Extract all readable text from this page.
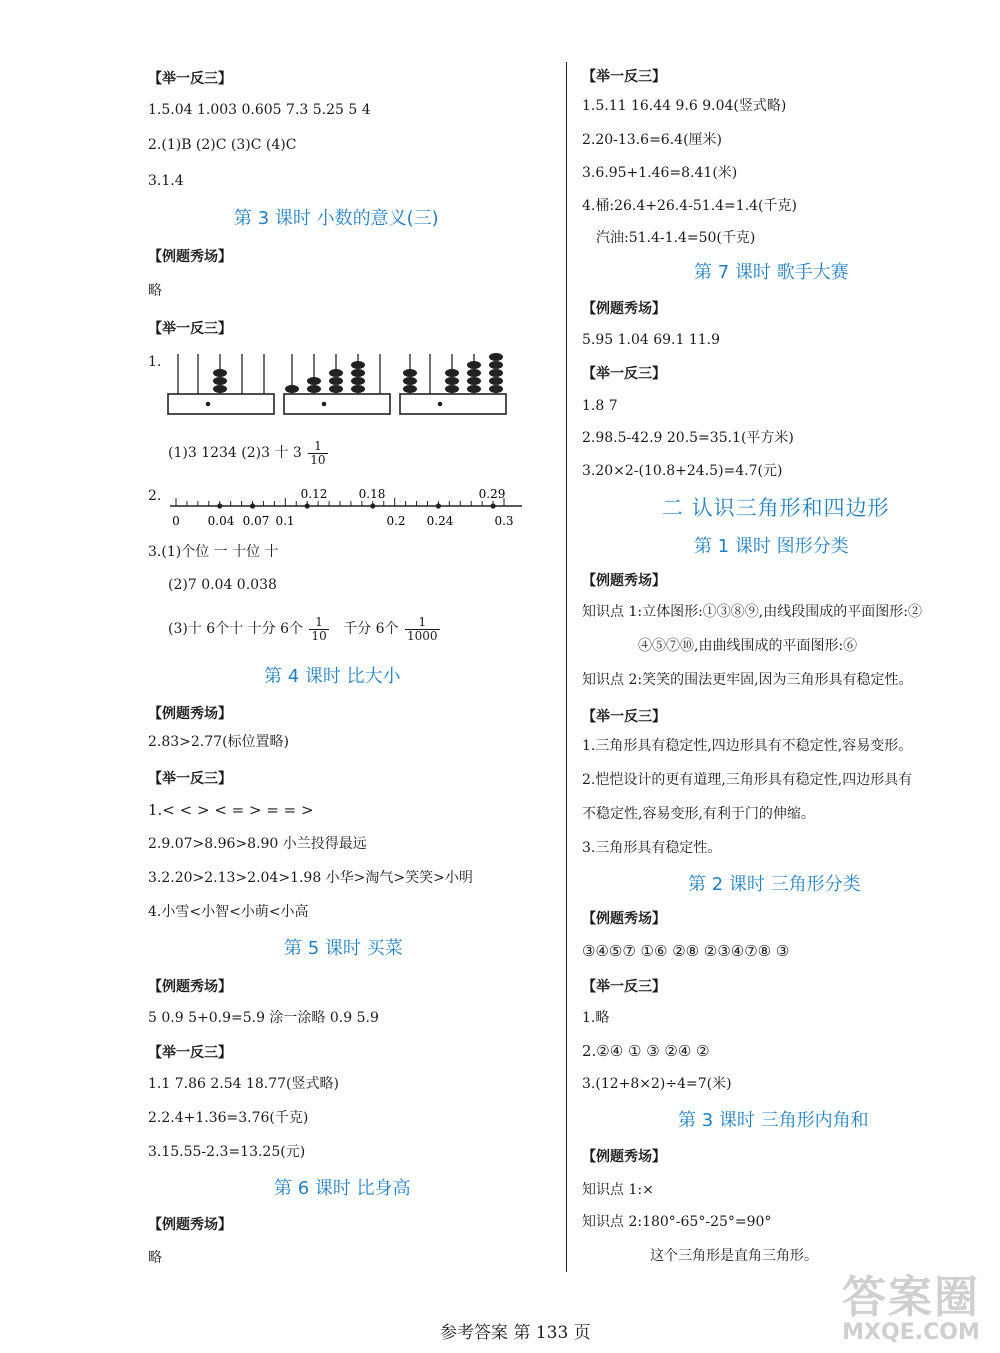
【举一反三】
1.5.04 1.003 0.605 7.3 5.25 5 4
2.(1)B (2)C (3)C (4)C
3.1.4
第 3 课时 小数的意义(三)
【例题秀场】
略
【举一反三】
1.
(1)3 1234 (2)3 十 $3 \frac{1}{10}$
2.
0 0.04 0.07 0.1	0.2 0.24	0.3
0.12	0.18	0.29
3.(1)个位 一 十位 十
(2)7 0.04 0.038
(3)十 6个十 十分 6个 $\frac{1}{10}$ 千分 6个 $\frac{1}{1000}$
第 4 课时 比大小
【例题秀场】
2.83>2.77(标位置略)
【举一反三】
1.< < > < = > = = >
2.9.07>8.96>8.90 小兰投得最远
3.2.20>2.13>2.04>1.98 小华>淘气>笑笑>小明
4.小雪<小智<小萌<小高
第 5 课时 买菜
【例题秀场】
5 0.9 5+0.9=5.9 涂一涂略 0.9 5.9
【举一反三】
1.1 7.86 2.54 18.77(竖式略)
2.2.4+1.36=3.76(千克)
3.15.55-2.3=13.25(元)
第 6 课时 比身高
【例题秀场】
略
【举一反三】
1.5.11 16.44 9.6 9.04(竖式略)
2.20-13.6=6.4(厘米)
3.6.95+1.46=8.41(米)
4.桶:26.4+26.4-51.4=1.4(千克)
汽油:51.4-1.4=50(千克)
第 7 课时 歌手大赛
【例题秀场】
5.95 1.04 69.1 11.9
【举一反三】
1.8 7
2.98.5-42.9 20.5=35.1(平方米)
3.20×2-(10.8+24.5)=4.7(元)
二 认识三角形和四边形
第 1 课时 图形分类
【例题秀场】
知识点 1:立体图形:①③⑧⑨,由线段围成的平面图形:②
④⑤⑦⑩,由曲线围成的平面图形:⑥
知识点 2:笑笑的围法更牢固,因为三角形具有稳定性。
【举一反三】
1.三角形具有稳定性,四边形具有不稳定性,容易变形。
2.恺恺设计的更有道理,三角形具有稳定性,四边形具有
不稳定性,容易变形,有利于门的伸缩。
3.三角形具有稳定性。
第 2 课时 三角形分类
【例题秀场】
③④⑤⑦ ①⑥ ②⑧ ②③④⑦⑧ ③
【举一反三】
1.略
2.②④ ① ③ ②④ ②
3.(12+8×2)÷4=7(米)
第 3 课时 三角形内角和
【例题秀场】
知识点 1:×
知识点 2:180°-65°-25°=90°
这个三角形是直角三角形。
参考答案 第 133 页
答案圈
MXQE.COM
